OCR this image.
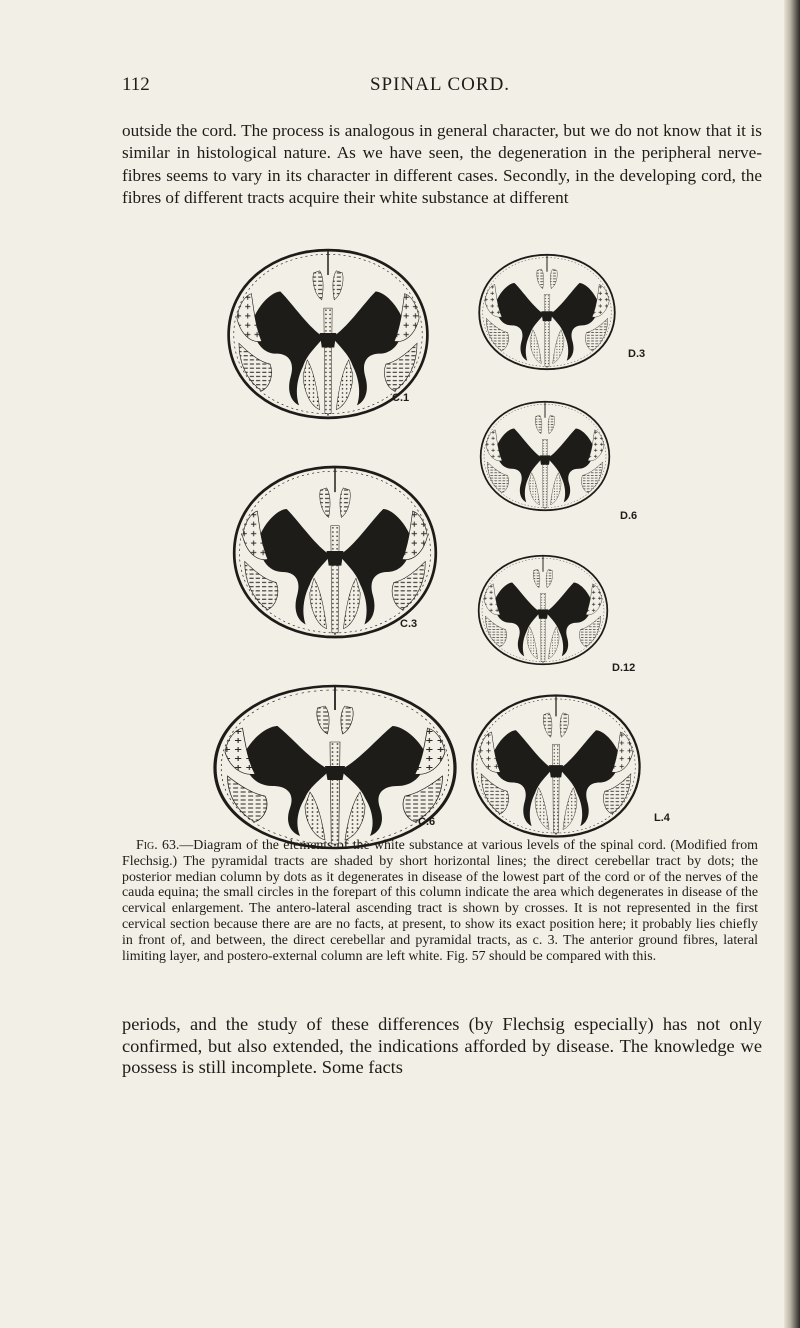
112	SPINAL CORD.
outside the cord. The process is analogous in general character, but we do not know that it is similar in histological nature. As we have seen, the degeneration in the peripheral nerve-fibres seems to vary in its character in different cases. Secondly, in the developing cord, the fibres of different tracts acquire their white substance at different
C.1
D.3
D.6
C.3
D.12
C.6	L.4
Fig. 63.—Diagram of the elements of the white substance at various levels of the spinal cord. (Modified from Flechsig.) The pyramidal tracts are shaded by short horizontal lines; the direct cerebellar tract by dots; the posterior median column by dots as it degenerates in disease of the lowest part of the cord or of the nerves of the cauda equina; the small circles in the forepart of this column indicate the area which degenerates in disease of the cervical enlargement. The antero-lateral ascending tract is shown by crosses. It is not represented in the first cervical section because there are are no facts, at present, to show its exact position here; it probably lies chiefly in front of, and between, the direct cerebellar and pyramidal tracts, as c. 3. The anterior ground fibres, lateral limiting layer, and postero-external column are left white. Fig. 57 should be compared with this.
periods, and the study of these differences (by Flechsig especially) has not only confirmed, but also extended, the indications afforded by disease. The knowledge we possess is still incomplete. Some facts
